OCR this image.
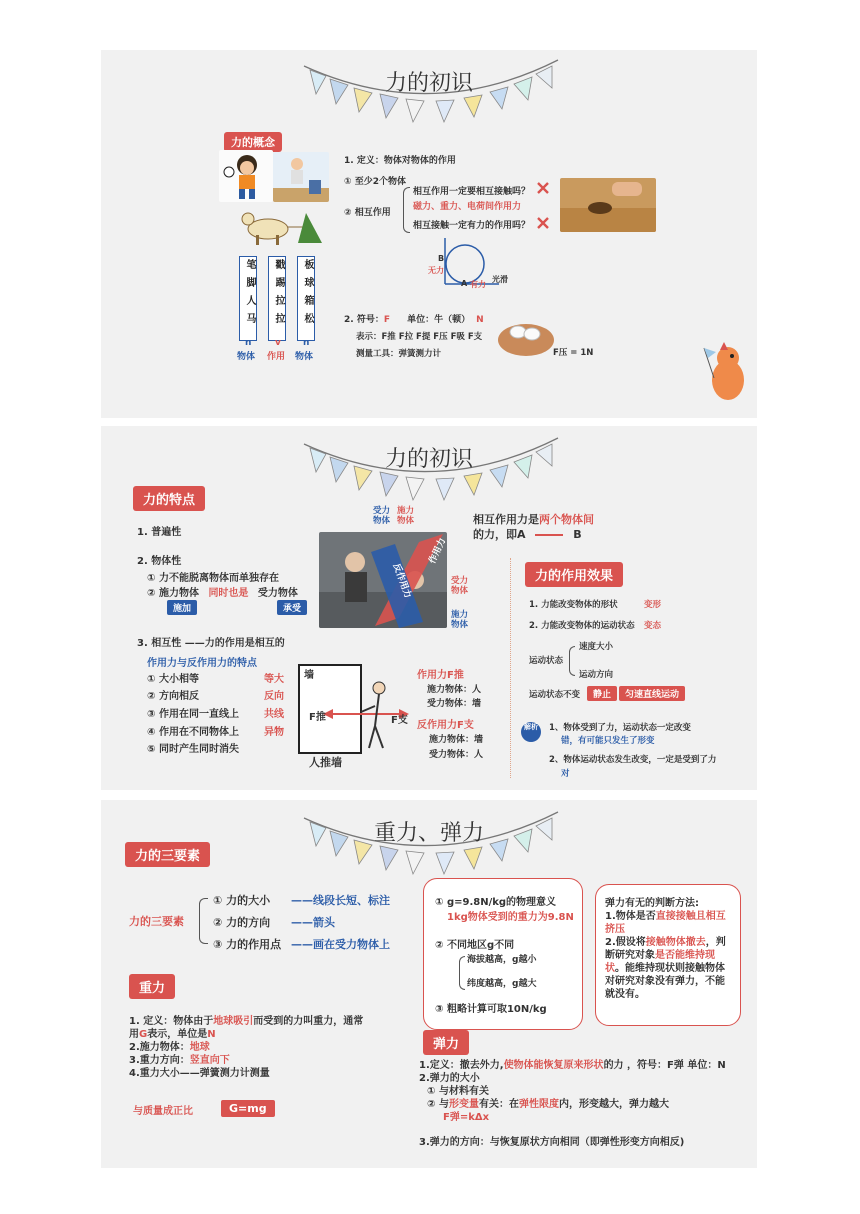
力的初识
力的概念
笔脚人马	戳踢拉拉	板球箱松
n	v n
物体 作用 物体
1. 定义：物体对物体的作用
① 至少2个物体
② 相互作用
相互作用一定要相互接触吗？
磁力、重力、电荷间作用力
相互接触一定有力的作用吗？
B
无力
A 有力
光滑
2. 符号：F 单位：牛（顿） N
表示：F推 F拉 F提 F压 F吸 F支
测量工具：弹簧测力计	F压 = 1N
力的初识
力的特点
1. 普遍性
2. 物体性
① 力不能脱离物体而单独存在
② 施力物体 同时也是 受力物体
施加	承受
3. 相互性 ——力的作用是相互的
作用力与反作用力的特点
① 大小相等	等大
② 方向相反	反向
③ 作用在同一直线上	共线
④ 作用在不同物体上	异物
⑤ 同时产生同时消失
受力物体
施力物体
作用力
反作用力	受力物体
施力物体
相互作用力是两个物体间
的力，即A	B
墙
F推	F支
人推墙
作用力F推
施力物体：人
受力物体：墙
反作用力F支
施力物体：墙
受力物体：人
力的作用效果
1. 力能改变物体的形状	变形
2. 力能改变物体的运动状态 变态
运动状态
速度大小
运动方向
运动状态不变	静止	匀速直线运动
解析	1、物体受到了力，运动状态一定改变
错，有可能只发生了形变
2、物体运动状态发生改变，一定是受到了力
对
重力、弹力
力的三要素
力的三要素
① 力的大小 ——线段长短、标注
② 力的方向 ——箭头
③ 力的作用点 ——画在受力物体上
重力
1. 定义：物体由于地球吸引而受到的力叫重力，通常
用G表示，单位是N
2.施力物体：地球
3.重力方向：竖直向下
4.重力大小——弹簧测力计测量
与质量成正比	G=mg
① g=9.8N/kg的物理意义
1kg物体受到的重力为9.8N
② 不同地区g不同
海拔越高，g越小
纬度越高，g越大
③ 粗略计算可取10N/kg
弹力有无的判断方法:
1.物体是否直接接触且相互挤压
2.假设将接触物体撤去，判断研究对象是否能维持现状。能维持现状则接触物体对研究对象没有弹力，不能就没有。
弹力
1.定义：撤去外力,使物体能恢复原来形状的力 ，符号：F弹 单位：N
2.弹力的大小
① 与材料有关
② 与形变量有关：在弹性限度内，形变越大，弹力越大
F弹=kΔx
3.弹力的方向：与恢复原状方向相同（即弹性形变方向相反)
